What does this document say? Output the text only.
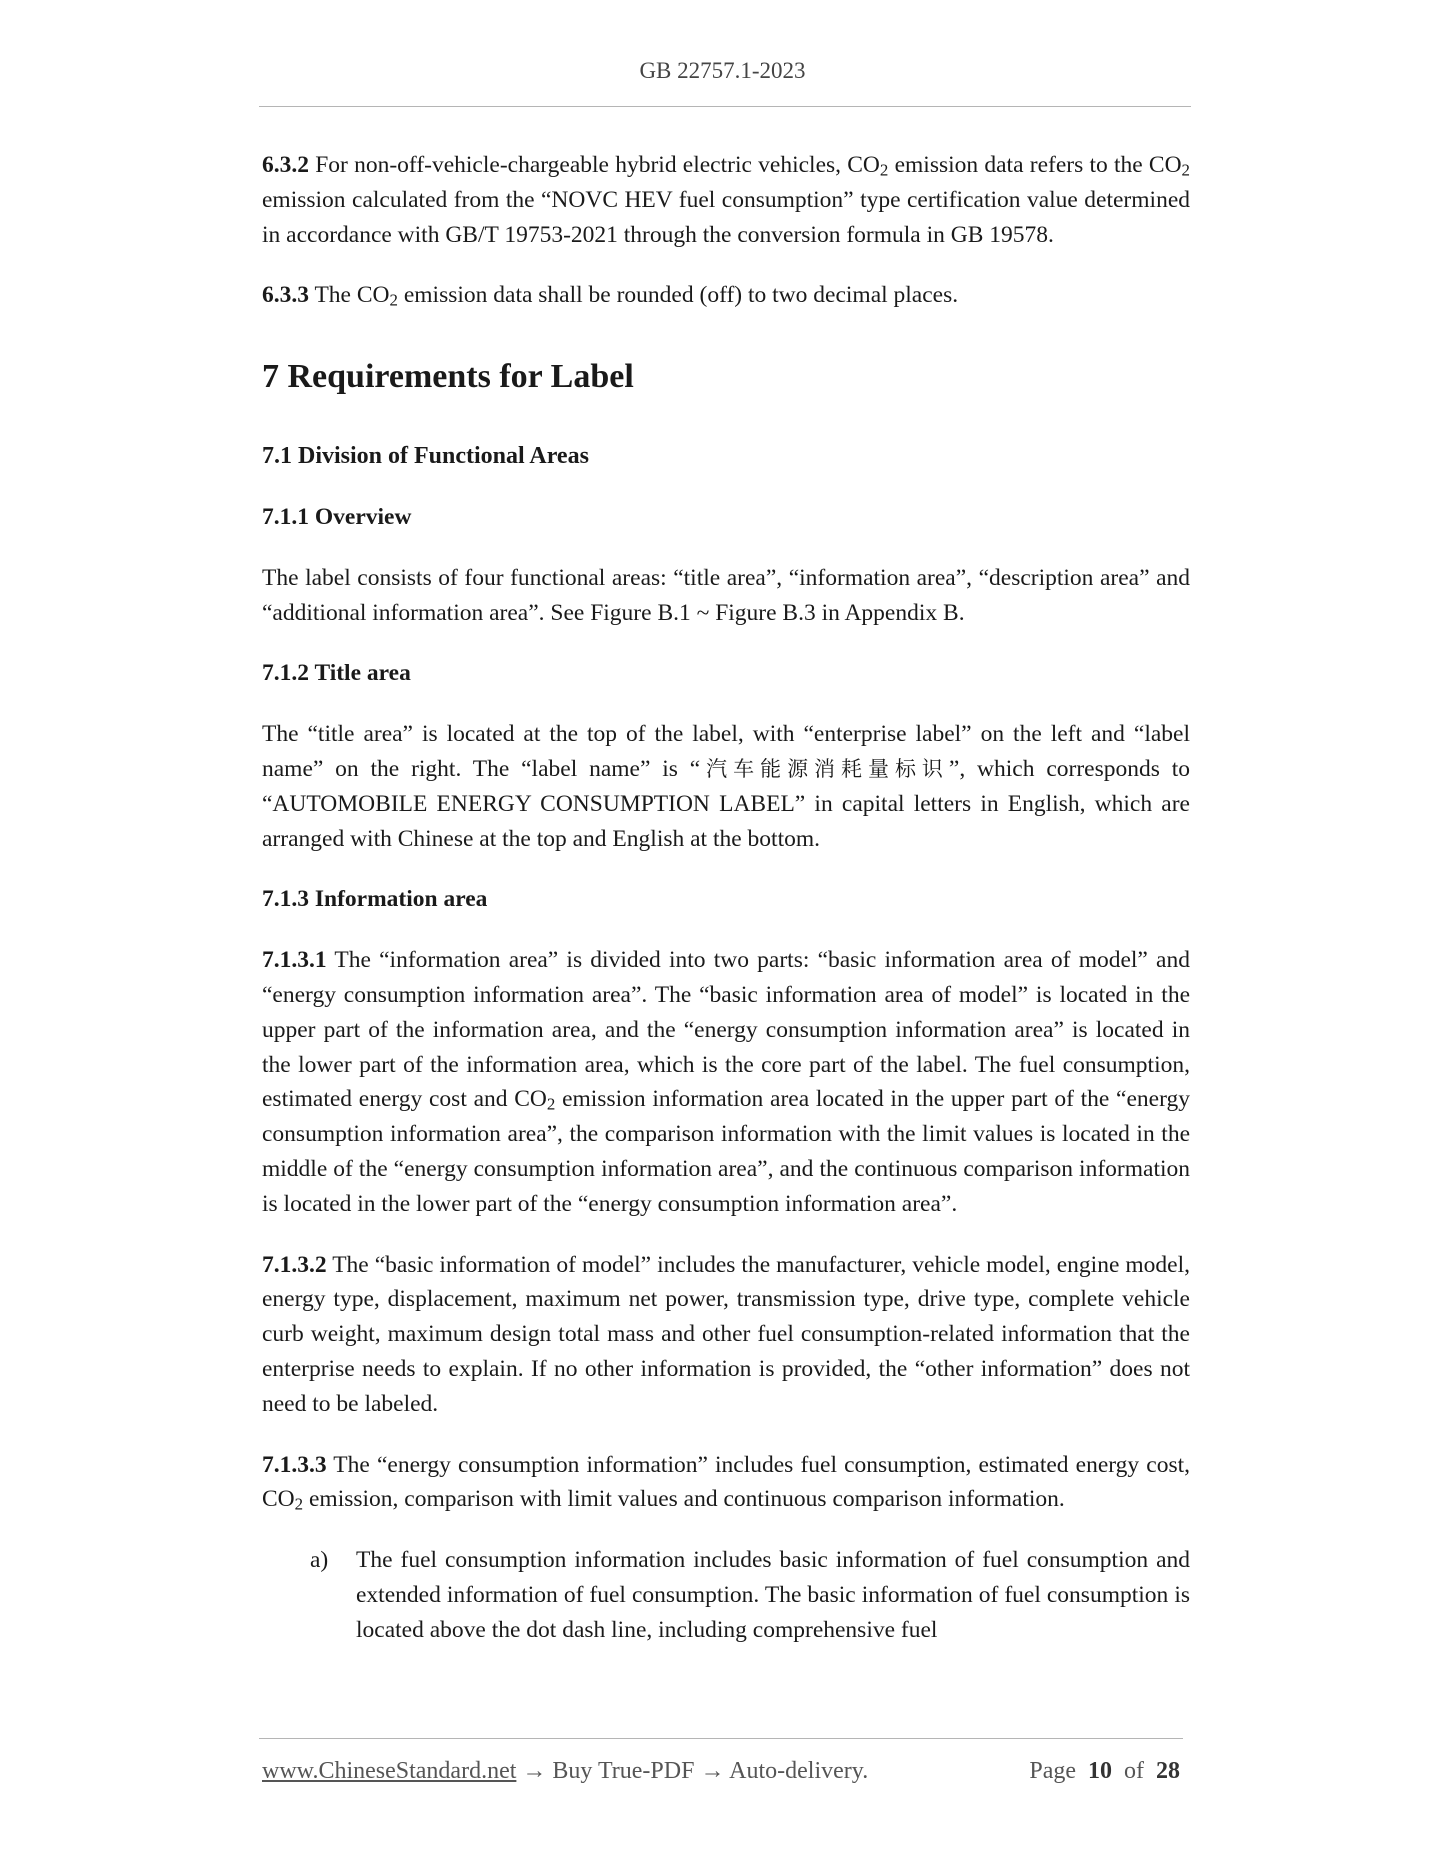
GB 22757.1-2023

6.3.2 For non-off-vehicle-chargeable hybrid electric vehicles, $CO_2$ emission data refers to the $CO_2$ emission calculated from the “NOVC HEV fuel consumption” type certification value determined in accordance with GB/T 19753-2021 through the conversion formula in GB 19578.

6.3.3 The $CO_2$ emission data shall be rounded (off) to two decimal places.

7 Requirements for Label
7.1 Division of Functional Areas
7.1.1 Overview

The label consists of four functional areas: “title area”, “information area”, “description area” and “additional information area”. See Figure B.1 ~ Figure B.3 in Appendix B.

7.1.2 Title area

The “title area” is located at the top of the label, with “enterprise label” on the left and “label name” on the right. The “label name” is “汽车能源消耗量标识”, which corresponds to “AUTOMOBILE ENERGY CONSUMPTION LABEL” in capital letters in English, which are arranged with Chinese at the top and English at the bottom.

7.1.3 Information area

7.1.3.1 The “information area” is divided into two parts: “basic information area of model” and “energy consumption information area”. The “basic information area of model” is located in the upper part of the information area, and the “energy consumption information area” is located in the lower part of the information area, which is the core part of the label. The fuel consumption, estimated energy cost and $CO_2$ emission information area located in the upper part of the “energy consumption information area”, the comparison information with the limit values is located in the middle of the “energy consumption information area”, and the continuous comparison information is located in the lower part of the “energy consumption information area”.

7.1.3.2 The “basic information of model” includes the manufacturer, vehicle model, engine model, energy type, displacement, maximum net power, transmission type, drive type, complete vehicle curb weight, maximum design total mass and other fuel consumption-related information that the enterprise needs to explain. If no other information is provided, the “other information” does not need to be labeled.

7.1.3.3 The “energy consumption information” includes fuel consumption, estimated energy cost, $CO_2$ emission, comparison with limit values and continuous comparison information.

a) The fuel consumption information includes basic information of fuel consumption and extended information of fuel consumption. The basic information of fuel consumption is located above the dot dash line, including comprehensive fuel

www.ChineseStandard.net → Buy True-PDF → Auto-delivery.	Page 10 of 28
